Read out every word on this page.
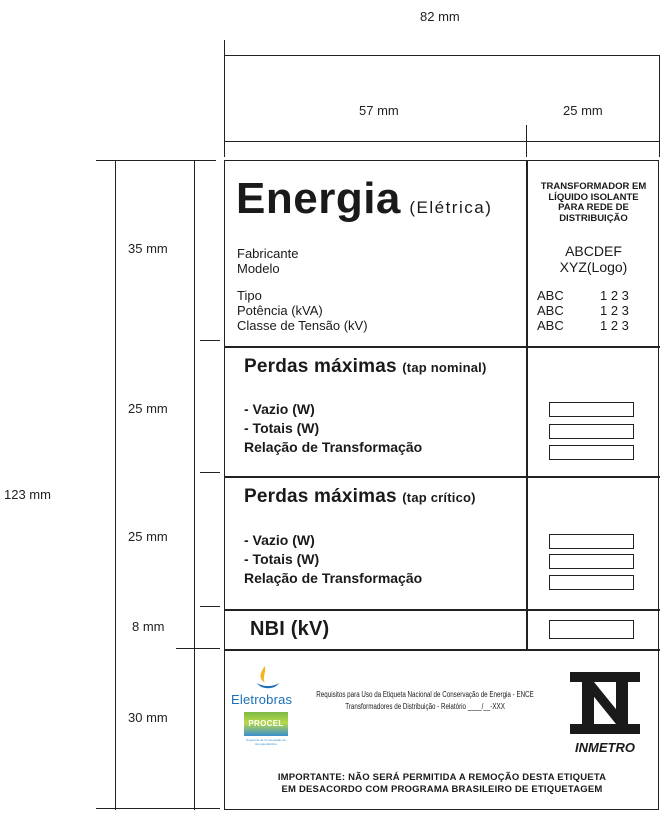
82 mm
57 mm	25 mm
123 mm
35 mm
25 mm
25 mm
8 mm
30 mm
Energia (Elétrica)
TRANSFORMADOR EM
LÍQUIDO ISOLANTE
PARA REDE DE
DISTRIBUIÇÃO
Fabricante
Modelo
ABCDEF
XYZ(Logo)
Tipo
Potência (kVA)
Classe de Tensão (kV)
ABC
ABC
ABC
1 2 3
1 2 3
1 2 3
Perdas máximas (tap nominal)
- Vazio (W)
- Totais (W)
Relação de Transformação
Perdas máximas (tap crítico)
- Vazio (W)
- Totais (W)
Relação de Transformação
NBI (kV)
Eletrobras
PROCEL
Programa de Conservação de Energia Elétrica
Requisitos para Uso da Etiqueta Nacional de Conservação de Energia - ENCE
Transformadores de Distribuição - Relatório ____/__-XXX
INMETRO
IMPORTANTE: NÃO SERÁ PERMITIDA A REMOÇÃO DESTA ETIQUETA
EM DESACORDO COM PROGRAMA BRASILEIRO DE ETIQUETAGEM
